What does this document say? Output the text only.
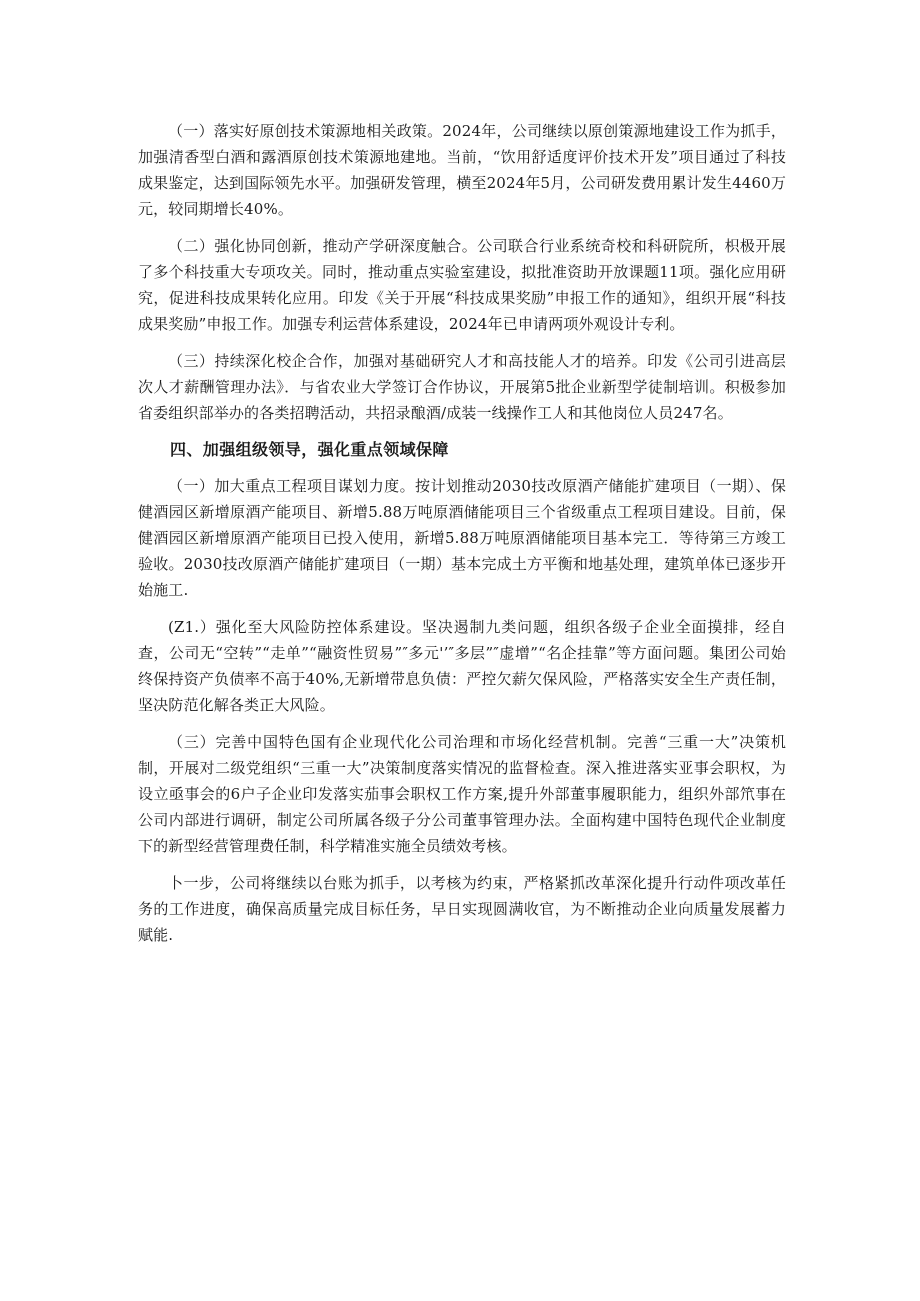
（一）落实好原创技术策源地相关政策。2024年，公司继续以原创策源地建设工作为抓手，加强清香型白酒和露酒原创技术策源地建地。当前，“饮用舒适度评价技术开发”项目通过了科技成果鉴定，达到国际领先水平。加强研发管理，横至2024年5月，公司研发费用累计发生4460万元，较同期增长40%。

（二）强化协同创新，推动产学研深度触合。公司联合行业系统奇校和科研院所，枳极开展了多个科技重大专项攻关。同时，推动重点实验室建设，拟批准资助开放课题11项。强化应用研究，促进科技成果转化应用。印发《关于开展“科技成果奖励”申报工作的通知》，组织开展“科技成果奖励”申报工作。加强专利运营体系建设，2024年已申请两项外观设计专利。

（三）持续深化校企合作，加强对基础研究人才和高技能人才的培养。印发《公司引进高层次人才薪酬管理办法》．与省农业大学签订合作协议，开展第5批企业新型学徒制培训。积极参加省委组织部举办的各类招聘活动，共招录酿酒/成装一线操作工人和其他岗位人员247名。

四、加强组级领导，强化重点领域保障

（一）加大重点工程项目谋划力度。按计划推动2030技改原酒产储能扩建项目（一期）、保健酒园区新增原酒产能项目、新增5.88万吨原酒储能项目三个省级重点工程项目建设。目前，保健酒园区新增原酒产能项目已投入使用，新增5.88万吨原酒储能项目基本完工．等待第三方竣工验收。2030技改原酒产储能扩建项目（一期）基本完成土方平衡和地基处理，建筑单体已逐步开始施工.

(Z1.）强化至大风险防控体系建设。坚决遏制九类问题，组织各级子企业全面摸排，经自查，公司无“空转”“走单”“融资性贸易”″多元'’″多层”″虚增”“名企挂靠”等方面问题。集团公司始终保持资产负债率不高于40%,无新增带息负债：严控欠薪欠保风险，严格落实安全生产责任制，坚决防范化解各类正大风险。

（三）完善中国特色国有企业现代化公司治理和市场化经营机制。完善“三重一大”决策机制，开展对二级党组织“三重一大”决策制度落实情况的监督检查。深入推进落实亚事会职权，为设立亟事会的6户子企业印发落实茄事会职权工作方案,提升外部董事履职能力，组织外部笊事在公司内部进行调研，制定公司所属各级子分公司董事管理办法。全面构建中国特色现代企业制度下的新型经营管理费任制，科学精准实施全员绩效考核。

卜一步，公司将继续以台账为抓手，以考核为约束，严格紧抓改革深化提升行动件项改革任务的工作进度，确保高质量完成目标任务，早日实现圆满收官，为不断推动企业向质量发展蓄力赋能.
